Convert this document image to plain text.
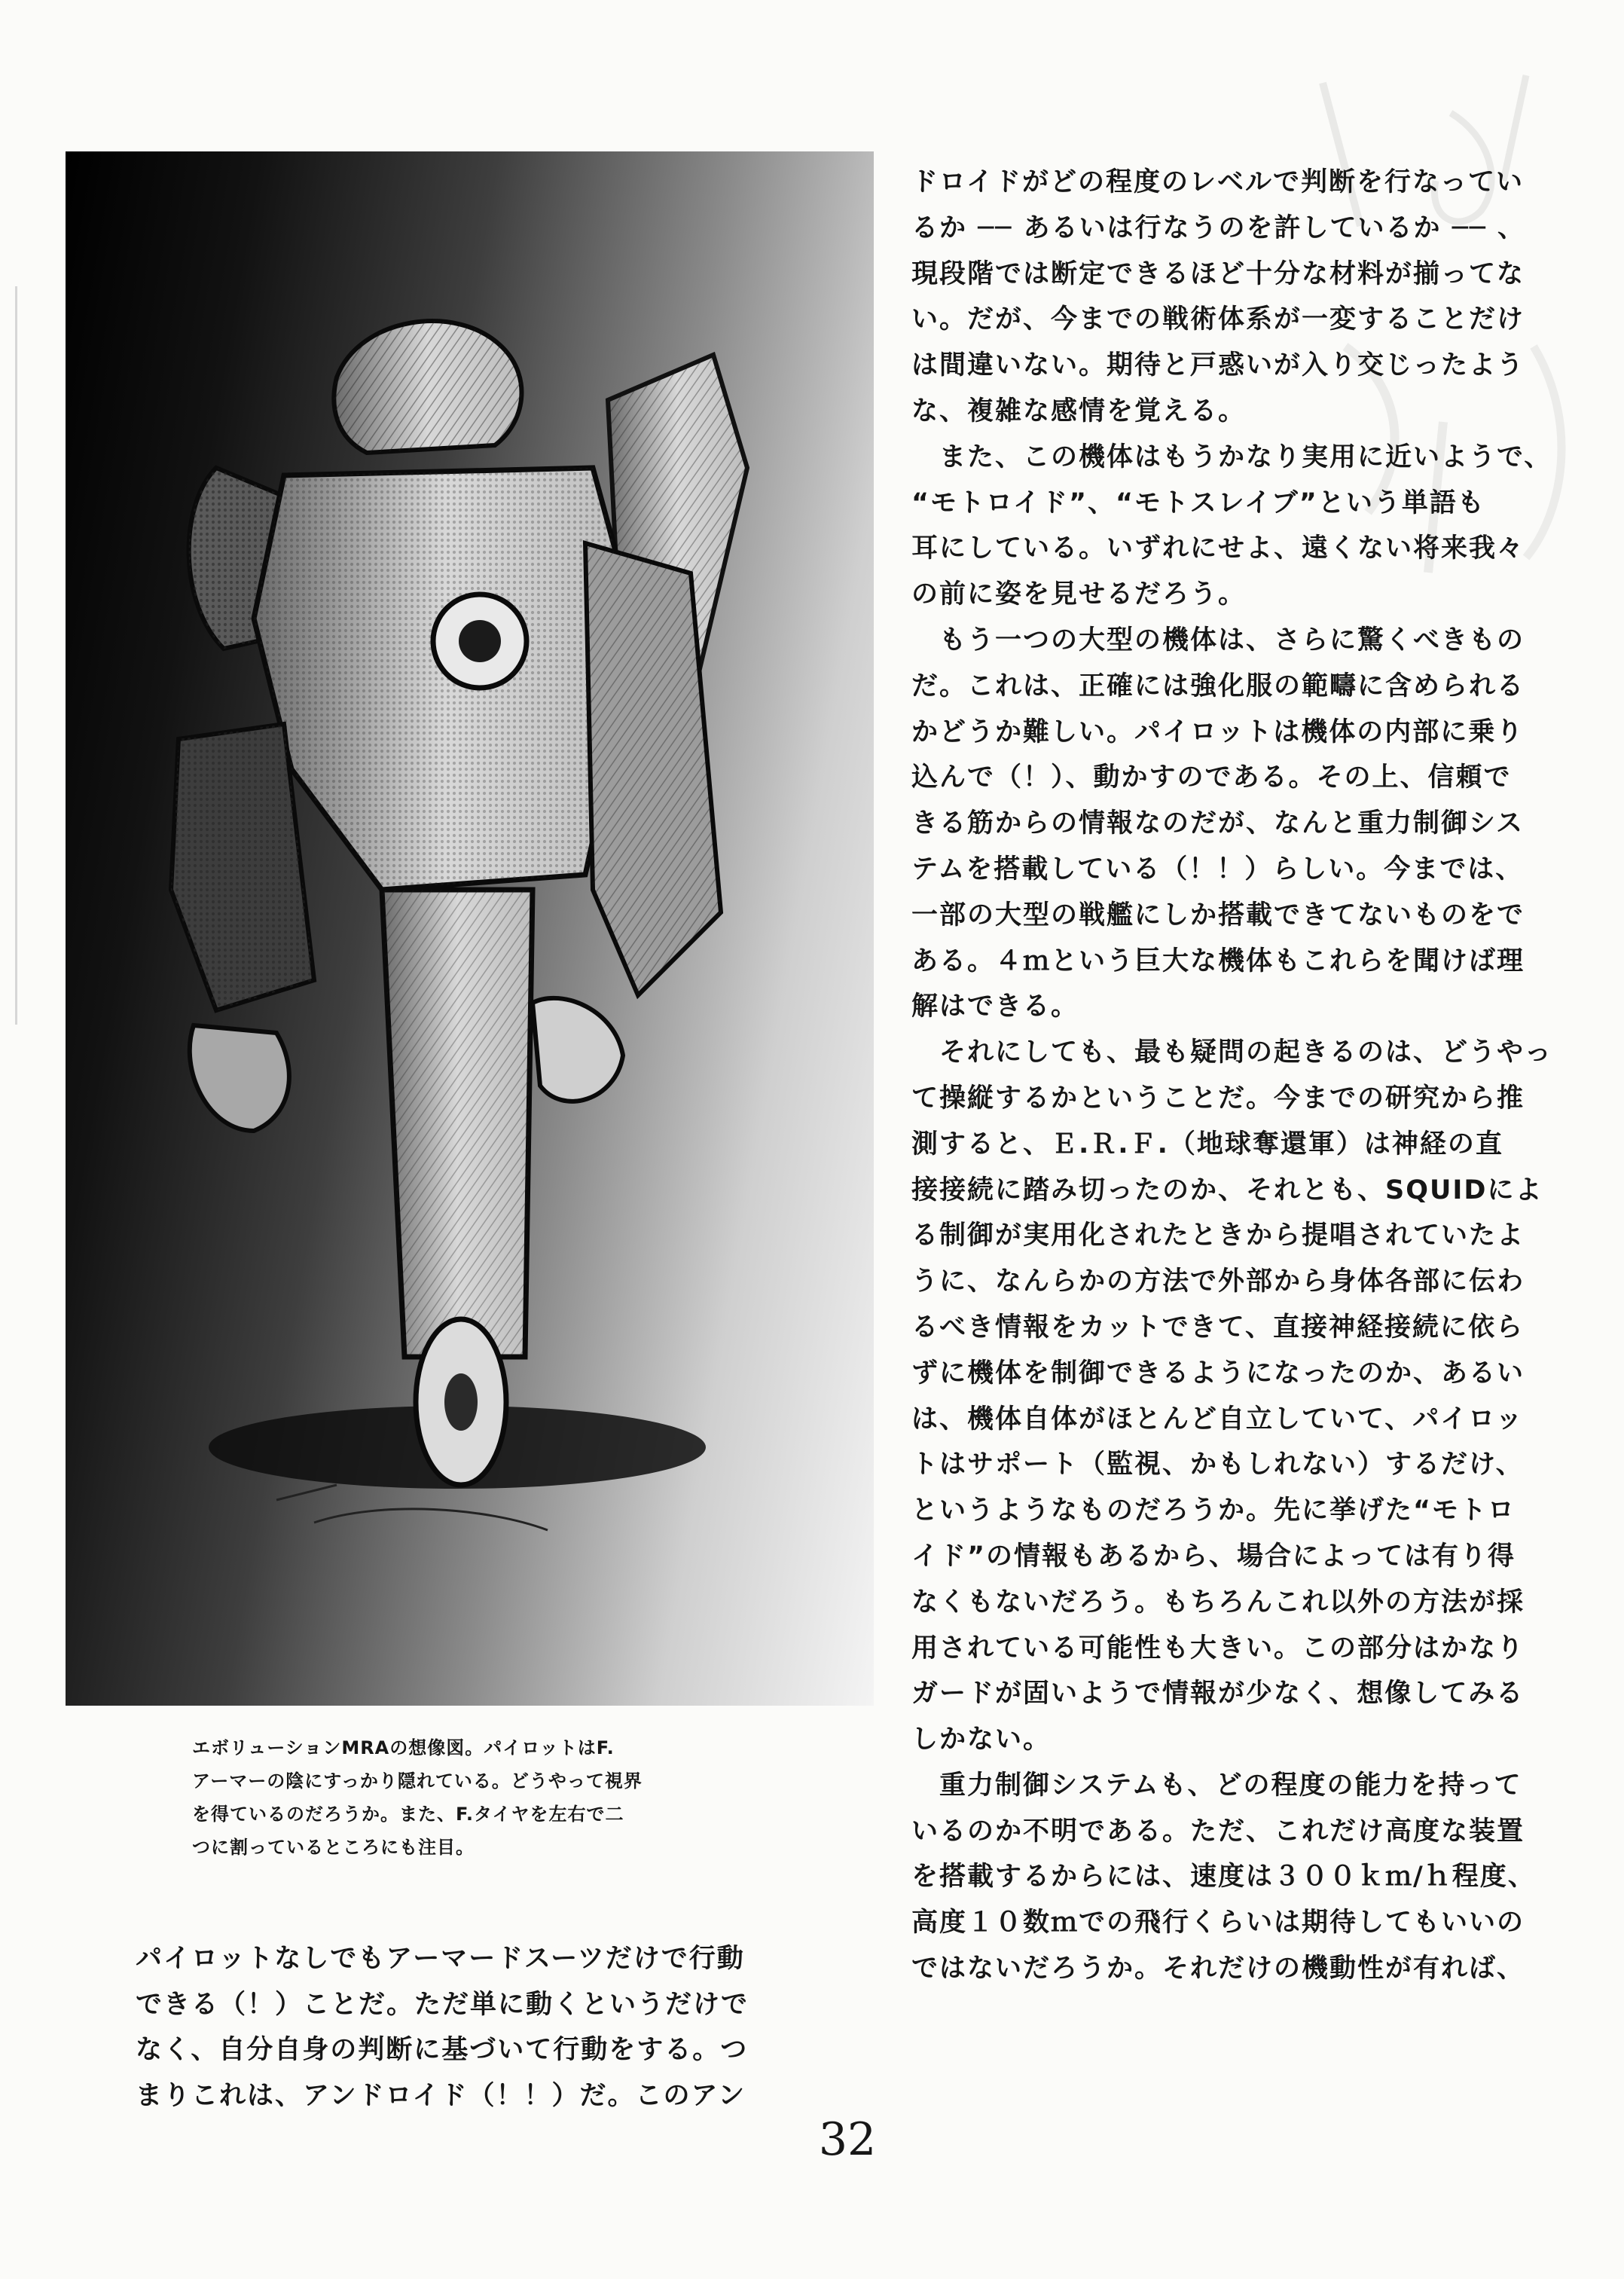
エボリューションMRAの想像図。パイロットはF.
アーマーの陰にすっかり隠れている。どうやって視界
を得ているのだろうか。また、F.タイヤを左右で二
つに割っているところにも注目。
パイロットなしでもアーマードスーツだけで行動
できる（！）ことだ。ただ単に動くというだけで
なく、自分自身の判断に基づいて行動をする。つ
まりこれは、アンドロイド（！！）だ。このアン
ドロイドがどの程度のレベルで判断を行なってい
るか ── あるいは行なうのを許しているか ── 、
現段階では断定できるほど十分な材料が揃ってな
い。だが、今までの戦術体系が一変することだけ
は間違いない。期待と戸惑いが入り交じったよう
な、複雑な感情を覚える。
　また、この機体はもうかなり実用に近いようで、
“モトロイド”、“モトスレイブ”という単語も
耳にしている。いずれにせよ、遠くない将来我々
の前に姿を見せるだろう。
　もう一つの大型の機体は、さらに驚くべきもの
だ。これは、正確には強化服の範疇に含められる
かどうか難しい。パイロットは機体の内部に乗り
込んで（！）、動かすのである。その上、信頼で
きる筋からの情報なのだが、なんと重力制御シス
テムを搭載している（！！）らしい。今までは、
一部の大型の戦艦にしか搭載できてないものをで
ある。４ｍという巨大な機体もこれらを聞けば理
解はできる。
　それにしても、最も疑問の起きるのは、どうやっ
て操縦するかということだ。今までの研究から推
測すると、Ｅ.Ｒ.Ｆ.（地球奪還軍）は神経の直
接接続に踏み切ったのか、それとも、SQUIDによ
る制御が実用化されたときから提唱されていたよ
うに、なんらかの方法で外部から身体各部に伝わ
るべき情報をカットできて、直接神経接続に依ら
ずに機体を制御できるようになったのか、あるい
は、機体自体がほとんど自立していて、パイロッ
トはサポート（監視、かもしれない）するだけ、
というようなものだろうか。先に挙げた“モトロ
イド”の情報もあるから、場合によっては有り得
なくもないだろう。もちろんこれ以外の方法が採
用されている可能性も大きい。この部分はかなり
ガードが固いようで情報が少なく、想像してみる
しかない。
　重力制御システムも、どの程度の能力を持って
いるのか不明である。ただ、これだけ高度な装置
を搭載するからには、速度は３００ｋｍ/ｈ程度、
高度１０数ｍでの飛行くらいは期待してもいいの
ではないだろうか。それだけの機動性が有れば、
32
